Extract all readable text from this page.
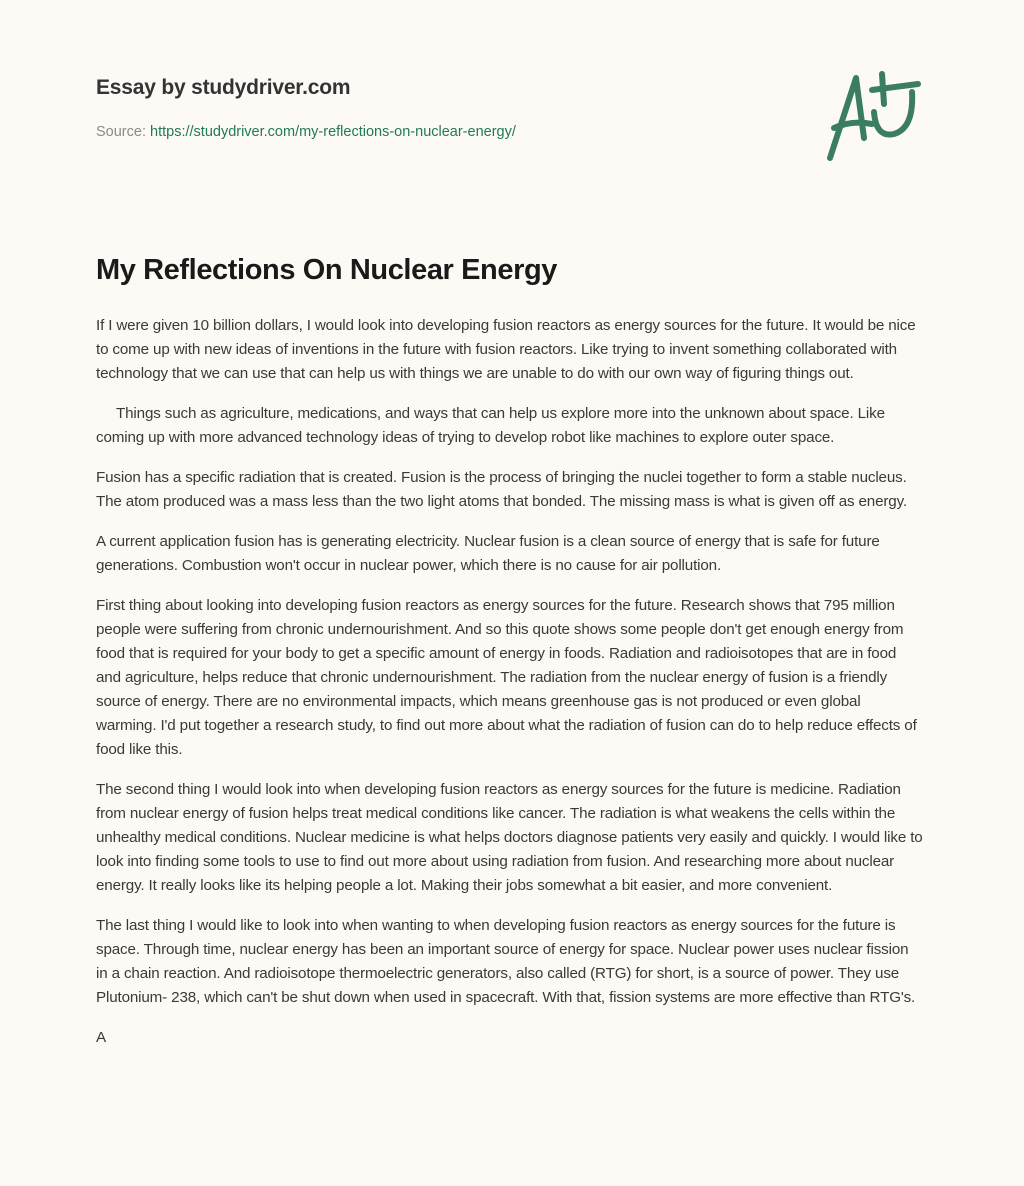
Essay by studydriver.com
Source: https://studydriver.com/my-reflections-on-nuclear-energy/
My Reflections On Nuclear Energy

If I were given 10 billion dollars, I would look into developing fusion reactors as energy sources for the future. It would be nice to come up with new ideas of inventions in the future with fusion reactors. Like trying to invent something collaborated with technology that we can use that can help us with things we are unable to do with our own way of figuring things out.

Things such as agriculture, medications, and ways that can help us explore more into the unknown about space. Like coming up with more advanced technology ideas of trying to develop robot like machines to explore outer space.

Fusion has a specific radiation that is created. Fusion is the process of bringing the nuclei together to form a stable nucleus. The atom produced was a mass less than the two light atoms that bonded. The missing mass is what is given off as energy.

A current application fusion has is generating electricity. Nuclear fusion is a clean source of energy that is safe for future generations. Combustion won't occur in nuclear power, which there is no cause for air pollution.

First thing about looking into developing fusion reactors as energy sources for the future. Research shows that 795 million people were suffering from chronic undernourishment. And so this quote shows some people don't get enough energy from food that is required for your body to get a specific amount of energy in foods. Radiation and radioisotopes that are in food and agriculture, helps reduce that chronic undernourishment. The radiation from the nuclear energy of fusion is a friendly source of energy. There are no environmental impacts, which means greenhouse gas is not produced or even global warming. I'd put together a research study, to find out more about what the radiation of fusion can do to help reduce effects of food like this.

The second thing I would look into when developing fusion reactors as energy sources for the future is medicine. Radiation from nuclear energy of fusion helps treat medical conditions like cancer. The radiation is what weakens the cells within the unhealthy medical conditions. Nuclear medicine is what helps doctors diagnose patients very easily and quickly. I would like to look into finding some tools to use to find out more about using radiation from fusion. And researching more about nuclear energy. It really looks like its helping people a lot. Making their jobs somewhat a bit easier, and more convenient.

The last thing I would like to look into when wanting to when developing fusion reactors as energy sources for the future is space. Through time, nuclear energy has been an important source of energy for space. Nuclear power uses nuclear fission in a chain reaction. And radioisotope thermoelectric generators, also called (RTG) for short, is a source of power. They use Plutonium- 238, which can't be shut down when used in spacecraft. With that, fission systems are more effective than RTG's.

A
